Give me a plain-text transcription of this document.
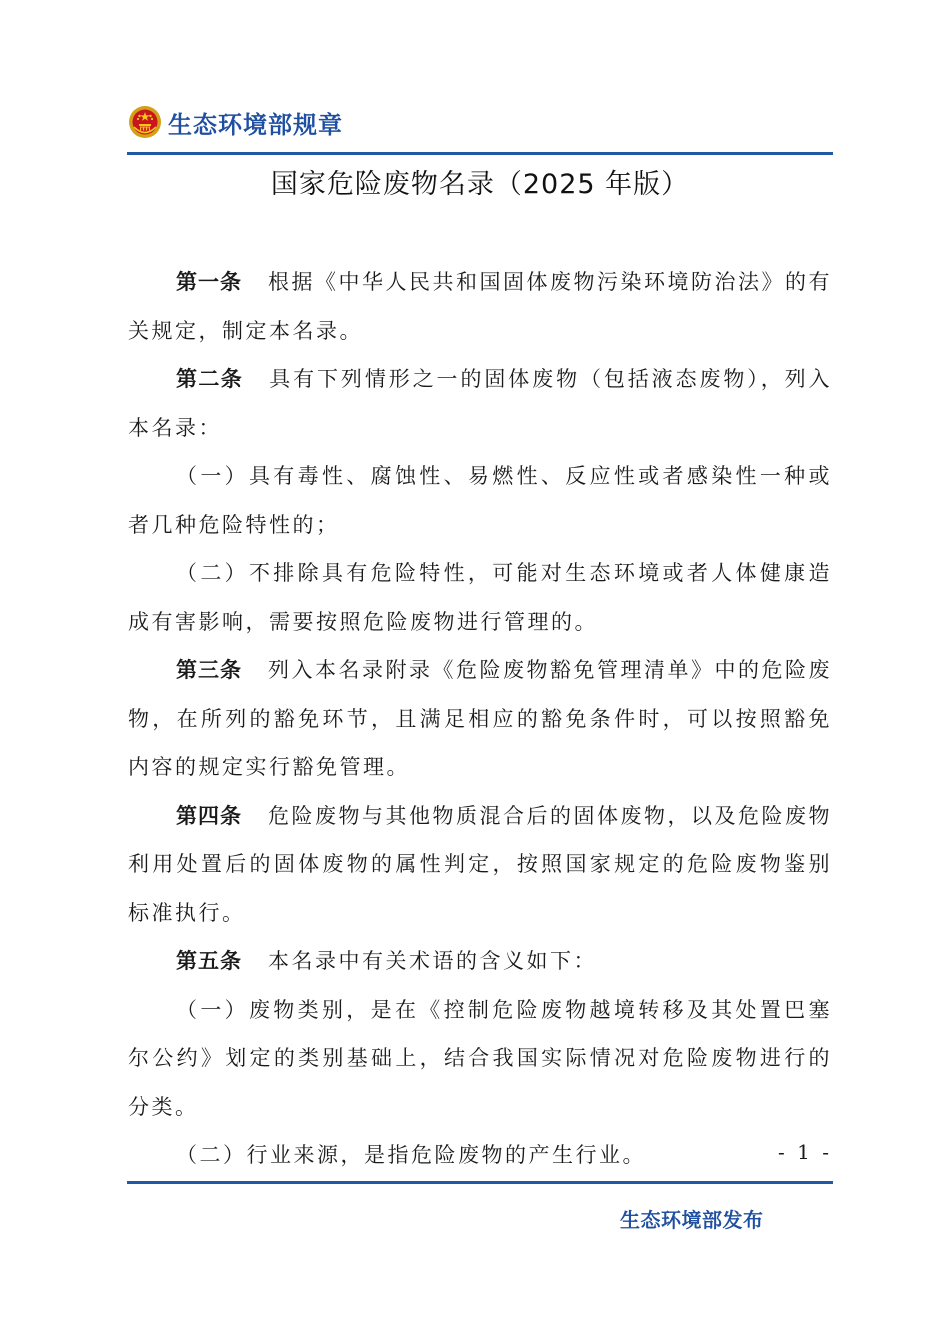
生态环境部规章
国家危险废物名录（2025 年版）

第一条 根据《中华人民共和国固体废物污染环境防治法》的有关规定，制定本名录。

第二条 具有下列情形之一的固体废物（包括液态废物），列入本名录：

（一）具有毒性、腐蚀性、易燃性、反应性或者感染性一种或者几种危险特性的；

（二）不排除具有危险特性，可能对生态环境或者人体健康造成有害影响，需要按照危险废物进行管理的。

第三条 列入本名录附录《危险废物豁免管理清单》中的危险废物，在所列的豁免环节，且满足相应的豁免条件时，可以按照豁免内容的规定实行豁免管理。

第四条 危险废物与其他物质混合后的固体废物，以及危险废物利用处置后的固体废物的属性判定，按照国家规定的危险废物鉴别标准执行。

第五条 本名录中有关术语的含义如下：

（一）废物类别，是在《控制危险废物越境转移及其处置巴塞尔公约》划定的类别基础上，结合我国实际情况对危险废物进行的分类。

（二）行业来源，是指危险废物的产生行业。	- 1 -
生态环境部发布
